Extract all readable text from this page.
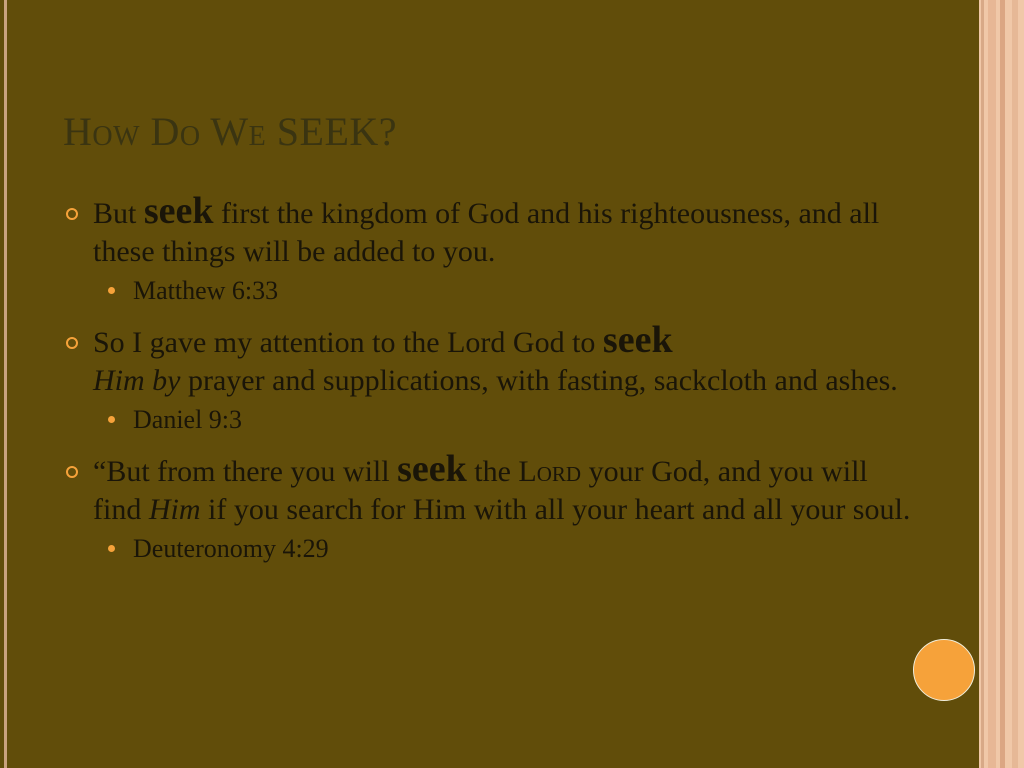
How Do We SEEK?

But seek first the kingdom of God and his righteousness, and all these things will be added to you.

Matthew 6:33

So I gave my attention to the Lord God to seek
Him by prayer and supplications, with fasting, sackcloth and ashes.

Daniel 9:3

“But from there you will seek the Lord your God, and you will find Him if you search for Him with all your heart and all your soul.

Deuteronomy 4:29
